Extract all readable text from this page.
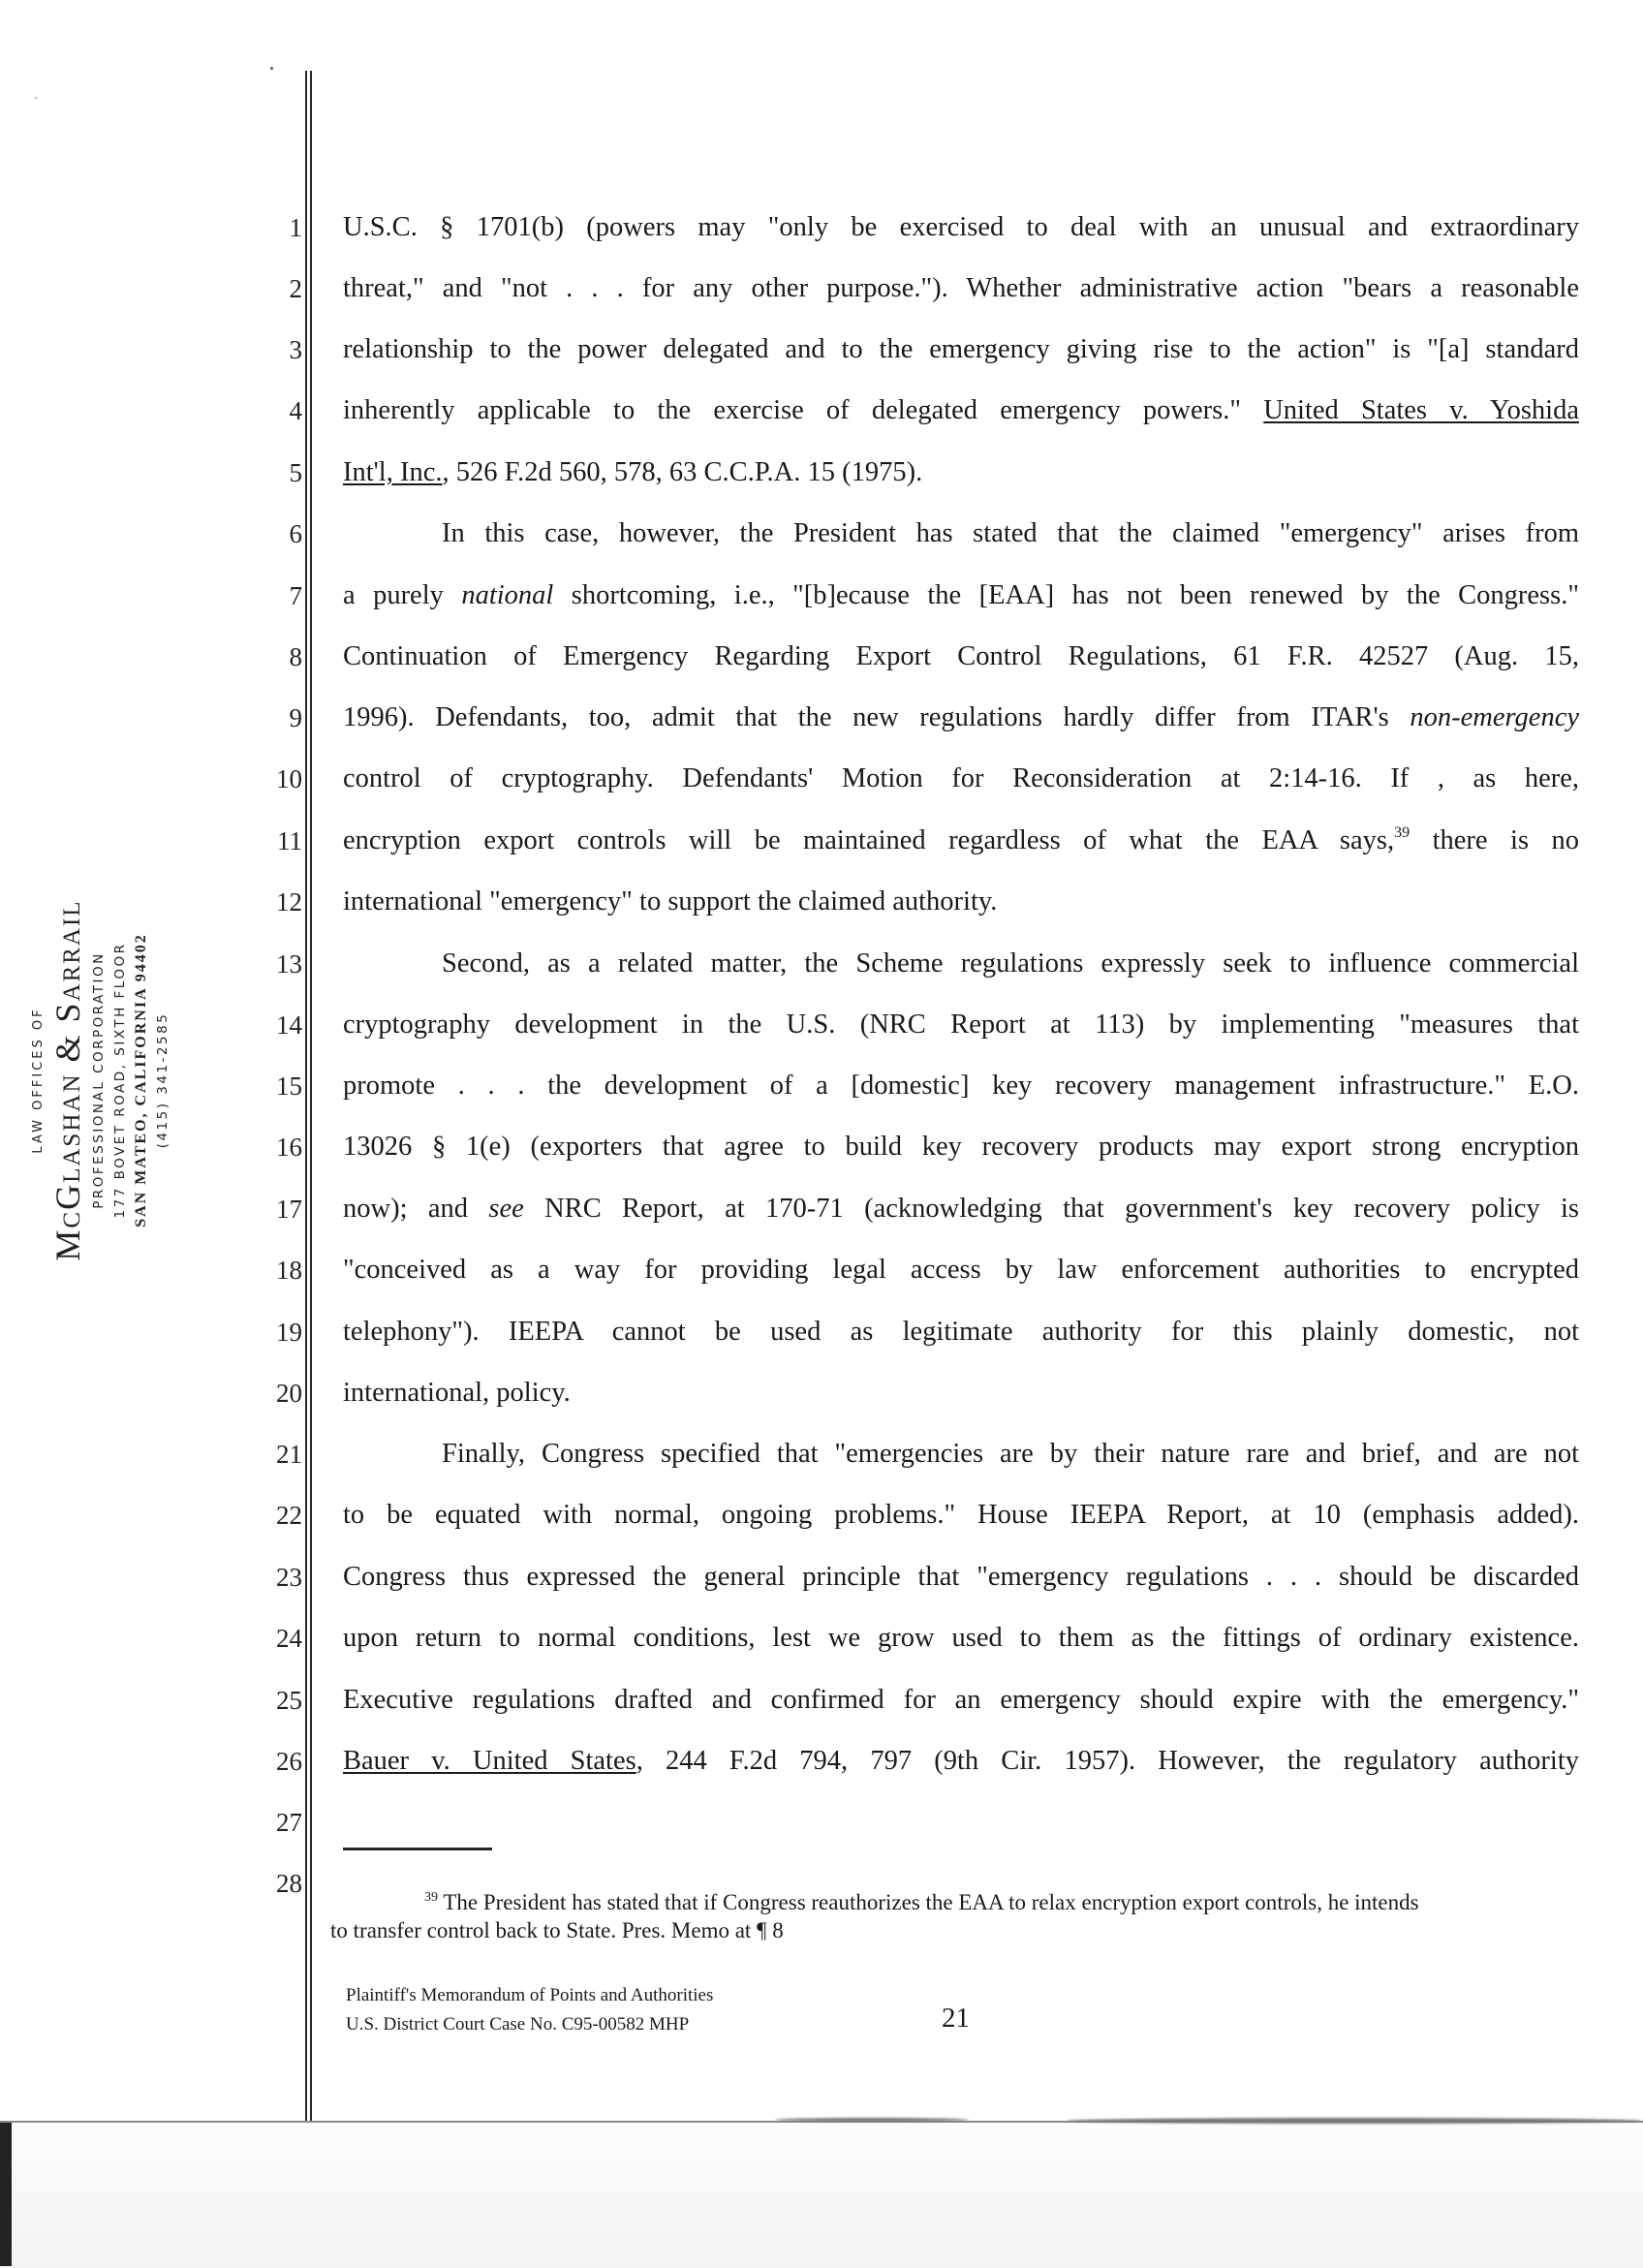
LAW OFFICES OF McGlashan & Sarrail PROFESSIONAL CORPORATION 177 BOVET ROAD, SIXTH FLOOR SAN MATEO, CALIFORNIA 94402 (415) 341-2585
1
2
3
4
5
6
7
8
9
10
11
12
13
14
15
16
17
18
19
20
21
22
23
24
25
26
27
28
U.S.C. § 1701(b) (powers may "only be exercised to deal with an unusual and extraordinary
threat," and "not . . . for any other purpose."). Whether administrative action "bears a reasonable
relationship to the power delegated and to the emergency giving rise to the action" is "[a] standard
inherently applicable to the exercise of delegated emergency powers." United States v. Yoshida
Int'l, Inc., 526 F.2d 560, 578, 63 C.C.P.A. 15 (1975).
In this case, however, the President has stated that the claimed "emergency" arises from
a purely national shortcoming, i.e., "[b]ecause the [EAA] has not been renewed by the Congress."
Continuation of Emergency Regarding Export Control Regulations, 61 F.R. 42527 (Aug. 15,
1996). Defendants, too, admit that the new regulations hardly differ from ITAR's non-emergency
control of cryptography. Defendants' Motion for Reconsideration at 2:14-16. If , as here,
encryption export controls will be maintained regardless of what the EAA says,$^{39}$ there is no
international "emergency" to support the claimed authority.
Second, as a related matter, the Scheme regulations expressly seek to influence commercial
cryptography development in the U.S. (NRC Report at 113) by implementing "measures that
promote . . . the development of a [domestic] key recovery management infrastructure." E.O.
13026 § 1(e) (exporters that agree to build key recovery products may export strong encryption
now); and see NRC Report, at 170-71 (acknowledging that government's key recovery policy is
"conceived as a way for providing legal access by law enforcement authorities to encrypted
telephony"). IEEPA cannot be used as legitimate authority for this plainly domestic, not
international, policy.
Finally, Congress specified that "emergencies are by their nature rare and brief, and are not
to be equated with normal, ongoing problems." House IEEPA Report, at 10 (emphasis added).
Congress thus expressed the general principle that "emergency regulations . . . should be discarded
upon return to normal conditions, lest we grow used to them as the fittings of ordinary existence.
Executive regulations drafted and confirmed for an emergency should expire with the emergency."
Bauer v. United States, 244 F.2d 794, 797 (9th Cir. 1957). However, the regulatory authority
$^{39}$ The President has stated that if Congress reauthorizes the EAA to relax encryption export controls, he intends
to transfer control back to State. Pres. Memo at ¶ 8
Plaintiff's Memorandum of Points and Authorities
U.S. District Court Case No. C95-00582 MHP	21
